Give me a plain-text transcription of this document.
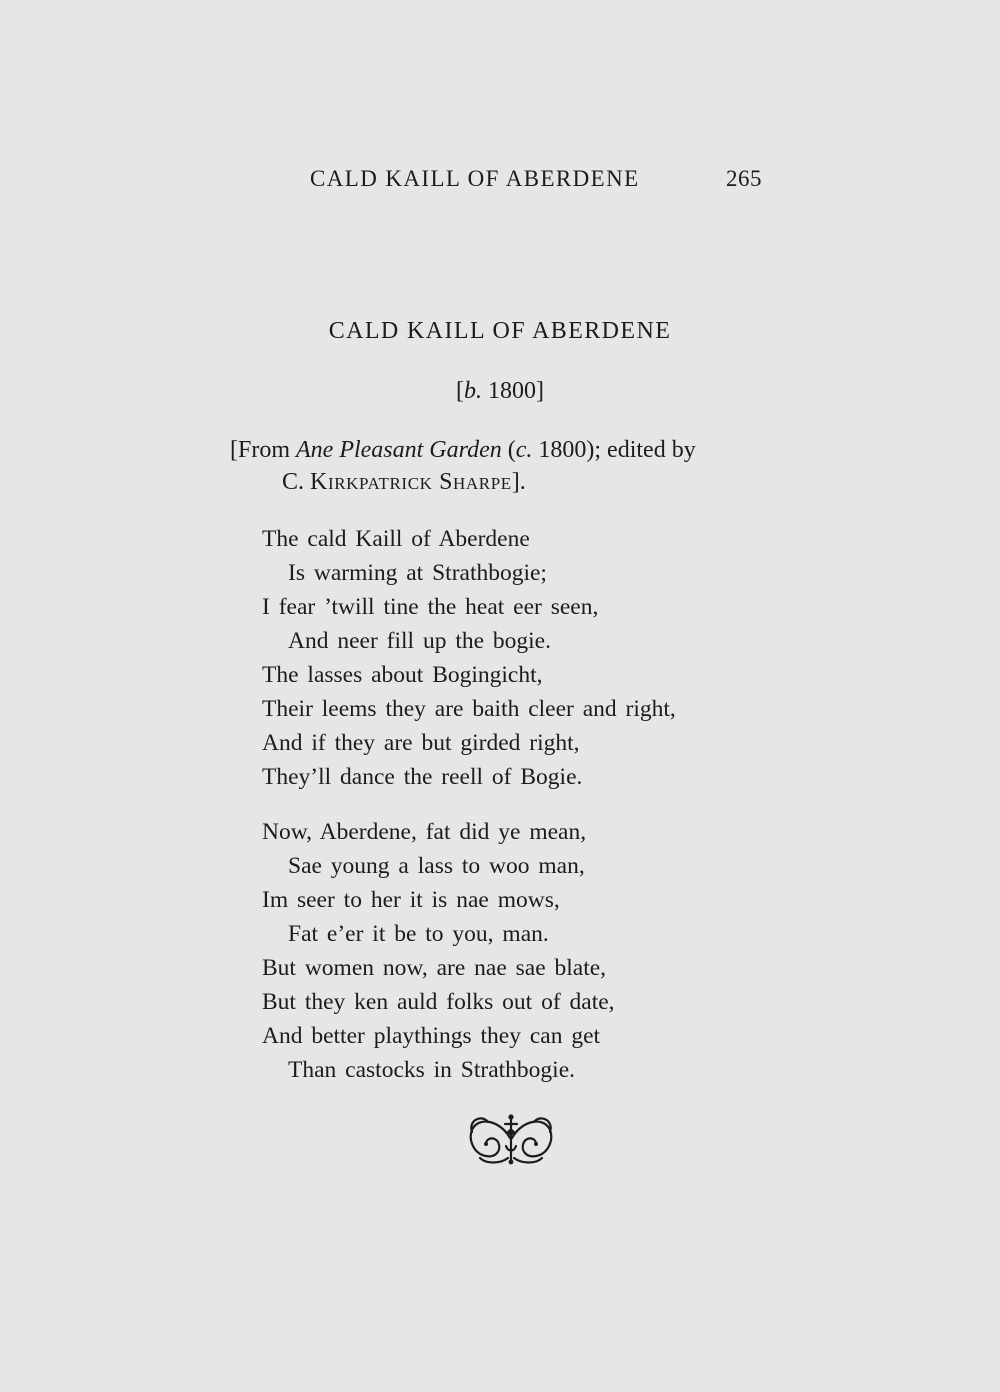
CALD KAILL OF ABERDENE	265
CALD KAILL OF ABERDENE
[b. 1800]
[From Ane Pleasant Garden (c. 1800); edited by
C. Kirkpatrick Sharpe].
The cald Kaill of Aberdene
Is warming at Strathbogie;
I fear ’twill tine the heat eer seen,
And neer fill up the bogie.
The lasses about Bogingicht,
Their leems they are baith cleer and right,
And if they are but girded right,
They’ll dance the reell of Bogie.
Now, Aberdene, fat did ye mean,
Sae young a lass to woo man,
Im seer to her it is nae mows,
Fat e’er it be to you, man.
But women now, are nae sae blate,
But they ken auld folks out of date,
And better playthings they can get
Than castocks in Strathbogie.
